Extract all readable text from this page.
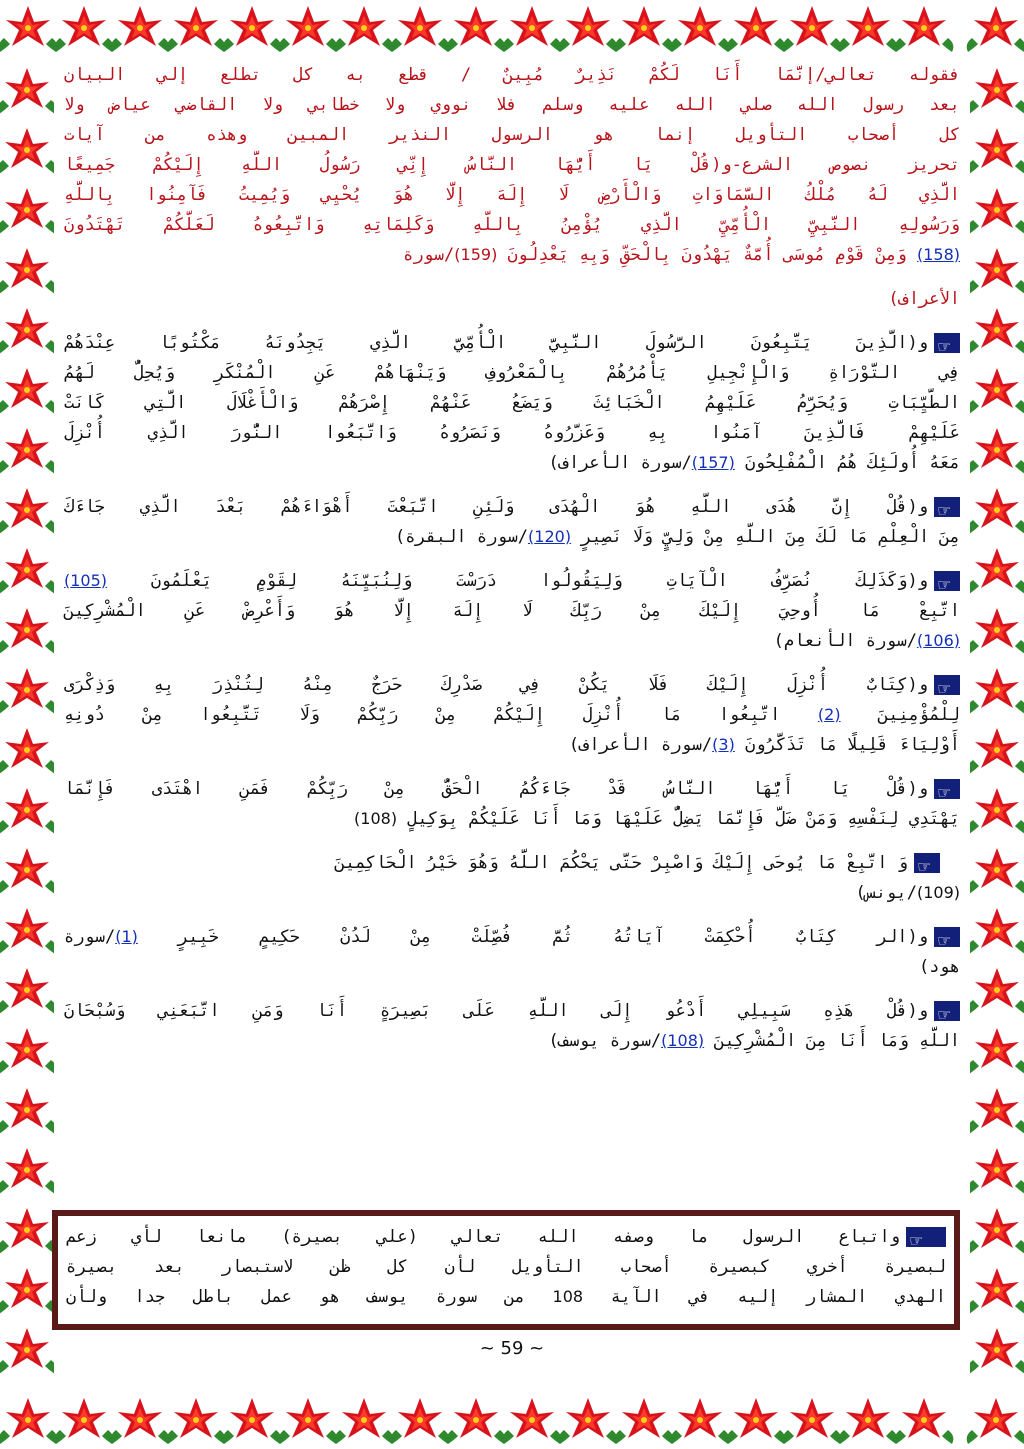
فقوله تعالي/إنَّمَا أَنَا لَكُمْ نَذِيرٌ مُبِينٌ / قطع به كل تطلع إلي البيان
بعد رسول الله صلي الله عليه وسلم فلا نووي ولا خطابي ولا القاضي عياض ولا
كل أصحاب التأويل إنما هو الرسول النذير المبين وهذه من آيات
تحريز نصوص الشرع-و(قُلْ يَا أَيُّهَا النَّاسُ إِنِّي رَسُولُ اللَّهِ إِلَيْكُمْ جَمِيعًا
الَّذِي لَهُ مُلْكُ السَّمَاوَاتِ وَالْأَرْضِ لَا إِلَهَ إِلَّا هُوَ يُحْيِي وَيُمِيتُ فَآمِنُوا بِاللَّهِ
وَرَسُولِهِ النَّبِيِّ الْأُمِّيِّ الَّذِي يُؤْمِنُ بِاللَّهِ وَكَلِمَاتِهِ وَاتَّبِعُوهُ لَعَلَّكُمْ تَهْتَدُونَ
(158) وَمِنْ قَوْمِ مُوسَى أُمَّةٌ يَهْدُونَ بِالْحَقِّ وَبِهِ يَعْدِلُونَ (159)/سورة
الأعراف)
☞و(الَّذِينَ يَتَّبِعُونَ الرَّسُولَ النَّبِيَّ الْأُمِّيَّ الَّذِي يَجِدُونَهُ مَكْتُوبًا عِنْدَهُمْ
فِي التَّوْرَاةِ وَالْإِنْجِيلِ يَأْمُرُهُمْ بِالْمَعْرُوفِ وَيَنْهَاهُمْ عَنِ الْمُنْكَرِ وَيُحِلُّ لَهُمُ
الطَّيِّبَاتِ وَيُحَرِّمُ عَلَيْهِمُ الْخَبَائِثَ وَيَضَعُ عَنْهُمْ إِصْرَهُمْ وَالْأَغْلَالَ الَّتِي كَانَتْ
عَلَيْهِمْ فَالَّذِينَ آمَنُوا بِهِ وَعَزَّرُوهُ وَنَصَرُوهُ وَاتَّبَعُوا النُّورَ الَّذِي أُنْزِلَ
مَعَهُ أُولَئِكَ هُمُ الْمُفْلِحُونَ (157)/سورة الأعراف)
☞و(قُلْ إِنَّ هُدَى اللَّهِ هُوَ الْهُدَى وَلَئِنِ اتَّبَعْتَ أَهْوَاءَهُمْ بَعْدَ الَّذِي جَاءَكَ
مِنَ الْعِلْمِ مَا لَكَ مِنَ اللَّهِ مِنْ وَلِيٍّ وَلَا نَصِيرٍ (120)/سورة البقرة)
☞و(وَكَذَلِكَ نُصَرِّفُ الْآيَاتِ وَلِيَقُولُوا دَرَسْتَ وَلِنُبَيِّنَهُ لِقَوْمٍ يَعْلَمُونَ (105)
اتَّبِعْ مَا أُوحِيَ إِلَيْكَ مِنْ رَبِّكَ لَا إِلَهَ إِلَّا هُوَ وَأَعْرِضْ عَنِ الْمُشْرِكِينَ
(106)/سورة الأنعام)
☞و(كِتَابٌ أُنْزِلَ إِلَيْكَ فَلَا يَكُنْ فِي صَدْرِكَ حَرَجٌ مِنْهُ لِتُنْذِرَ بِهِ وَذِكْرَى
لِلْمُؤْمِنِينَ (2) اتَّبِعُوا مَا أُنْزِلَ إِلَيْكُمْ مِنْ رَبِّكُمْ وَلَا تَتَّبِعُوا مِنْ دُونِهِ
أَوْلِيَاءَ قَلِيلًا مَا تَذَكَّرُونَ (3)/سورة الأعراف)
☞و(قُلْ يَا أَيُّهَا النَّاسُ قَدْ جَاءَكُمُ الْحَقُّ مِنْ رَبِّكُمْ فَمَنِ اهْتَدَى فَإِنَّمَا
يَهْتَدِي لِنَفْسِهِ وَمَنْ ضَلَّ فَإِنَّمَا يَضِلُّ عَلَيْهَا وَمَا أَنَا عَلَيْكُمْ بِوَكِيلٍ (108)
☞وَ اتَّبِعْ مَا يُوحَى إِلَيْكَ وَاصْبِرْ حَتَّى يَحْكُمَ اللَّهُ وَهُوَ خَيْرُ الْحَاكِمِينَ
(109)/يونس)
☞و(الر كِتَابٌ أُحْكِمَتْ آيَاتُهُ ثُمَّ فُصِّلَتْ مِنْ لَدُنْ حَكِيمٍ خَبِيرٍ (1)/سورة
هود)
☞و(قُلْ هَذِهِ سَبِيلِي أَدْعُو إِلَى اللَّهِ عَلَى بَصِيرَةٍ أَنَا وَمَنِ اتَّبَعَنِي وَسُبْحَانَ
اللَّهِ وَمَا أَنَا مِنَ الْمُشْرِكِينَ (108)/سورة يوسف)
☞واتباع الرسول ما وصفه الله تعالي (علي بصيرة) مانعا لأي زعم
لبصيرة أخري كبصيرة أصحاب التأويل لأن كل ظن لاستبصار بعد بصيرة
الهدي المشار إليه في الآية 108 من سورة يوسف هو عمل باطل جدا ولأن
~ 59 ~
